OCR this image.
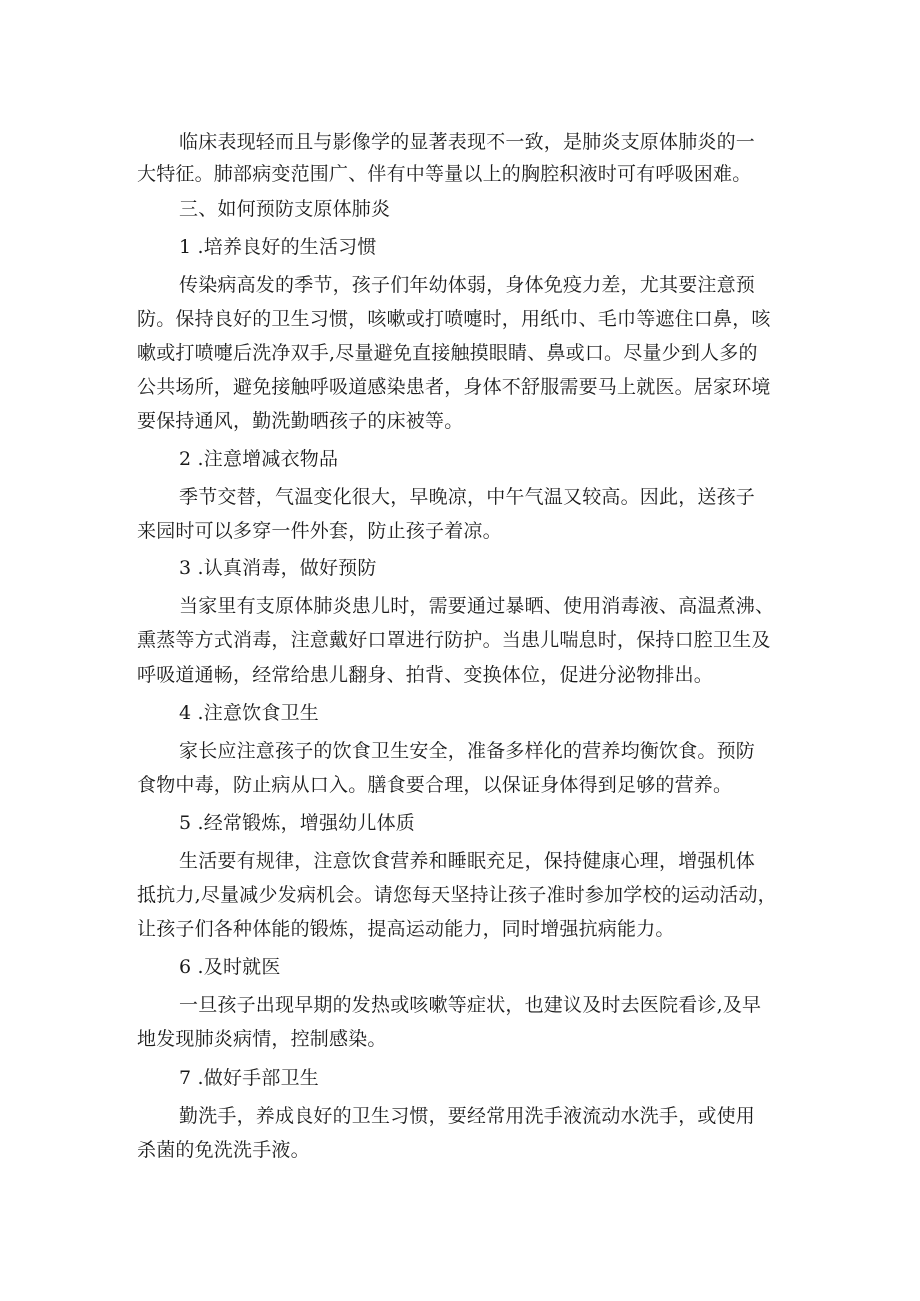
临床表现轻而且与影像学的显著表现不一致，是肺炎支原体肺炎的一
大特征。肺部病变范围广、伴有中等量以上的胸腔积液时可有呼吸困难。
三、如何预防支原体肺炎
1 .培养良好的生活习惯
传染病高发的季节，孩子们年幼体弱，身体免疫力差，尤其要注意预
防。保持良好的卫生习惯，咳嗽或打喷嚏时，用纸巾、毛巾等遮住口鼻，咳
嗽或打喷嚏后洗净双手,尽量避免直接触摸眼睛、鼻或口。尽量少到人多的
公共场所，避免接触呼吸道感染患者，身体不舒服需要马上就医。居家环境
要保持通风，勤洗勤晒孩子的床被等。
2 .注意增减衣物品
季节交替，气温变化很大，早晚凉，中午气温又较高。因此，送孩子
来园时可以多穿一件外套，防止孩子着凉。
3 .认真消毒，做好预防
当家里有支原体肺炎患儿时，需要通过暴晒、使用消毒液、高温煮沸、
熏蒸等方式消毒，注意戴好口罩进行防护。当患儿喘息时，保持口腔卫生及
呼吸道通畅，经常给患儿翻身、拍背、变换体位，促进分泌物排出。
4 .注意饮食卫生
家长应注意孩子的饮食卫生安全，准备多样化的营养均衡饮食。预防
食物中毒，防止病从口入。膳食要合理，以保证身体得到足够的营养。
5 .经常锻炼，增强幼儿体质
生活要有规律，注意饮食营养和睡眠充足，保持健康心理，增强机体
抵抗力,尽量减少发病机会。请您每天坚持让孩子准时参加学校的运动活动，
让孩子们各种体能的锻炼，提高运动能力，同时增强抗病能力。
6 .及时就医
一旦孩子出现早期的发热或咳嗽等症状，也建议及时去医院看诊,及早
地发现肺炎病情，控制感染。
7 .做好手部卫生
勤洗手，养成良好的卫生习惯，要经常用洗手液流动水洗手，或使用
杀菌的免洗洗手液。
